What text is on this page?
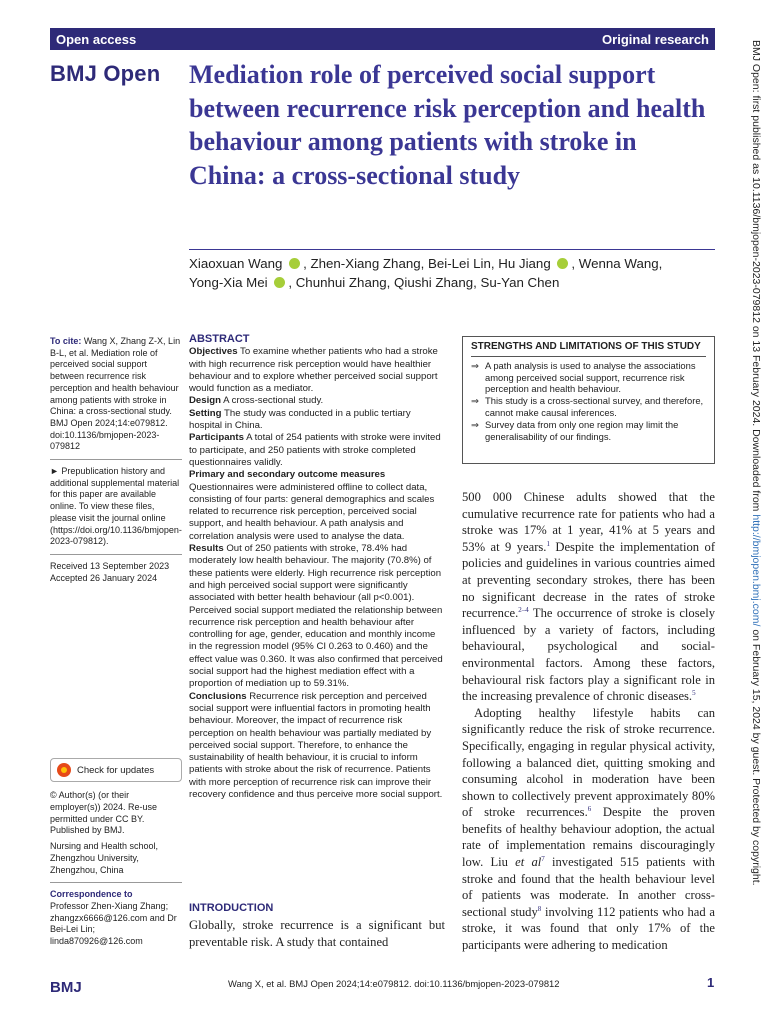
Open access	Original research
BMJ Open Mediation role of perceived social support between recurrence risk perception and health behaviour among patients with stroke in China: a cross-sectional study
Xiaoxuan Wang , Zhen-Xiang Zhang, Bei-Lei Lin, Hu Jiang , Wenna Wang,
Yong-Xia Mei , Chunhui Zhang, Qiushi Zhang, Su-Yan Chen
To cite: Wang X, Zhang Z-X, Lin B-L, et al. Mediation role of perceived social support between recurrence risk perception and health behaviour among patients with stroke in China: a cross-sectional study. BMJ Open 2024;14:e079812. doi:10.1136/bmjopen-2023-079812
► Prepublication history and additional supplemental material for this paper are available online. To view these files, please visit the journal online (https://doi.org/10.1136/bmjopen-2023-079812).
Received 13 September 2023
Accepted 26 January 2024
Check for updates
© Author(s) (or their employer(s)) 2024. Re-use permitted under CC BY. Published by BMJ.
Nursing and Health school, Zhengzhou University, Zhengzhou, China
Correspondence to
Professor Zhen-Xiang Zhang; zhangzx6666@126.com and Dr Bei-Lei Lin; linda870926@126.com
ABSTRACT

Objectives To examine whether patients who had a stroke with high recurrence risk perception would have healthier behaviour and to explore whether perceived social support would function as a mediator.

Design A cross-sectional study.

Setting The study was conducted in a public tertiary hospital in China.

Participants A total of 254 patients with stroke were invited to participate, and 250 patients with stroke completed questionnaires validly.

Primary and secondary outcome measures Questionnaires were administered offline to collect data, consisting of four parts: general demographics and scales related to recurrence risk perception, perceived social support, and health behaviour. A path analysis and correlation analysis were used to analyse the data.

Results Out of 250 patients with stroke, 78.4% had moderately low health behaviour. The majority (70.8%) of these patients were elderly. High recurrence risk perception and high perceived social support were significantly associated with better health behaviour (all p<0.001). Perceived social support mediated the relationship between recurrence risk perception and health behaviour after controlling for age, gender, education and monthly income in the regression model (95% CI 0.263 to 0.460) and the effect value was 0.360. It was also confirmed that perceived social support had the highest mediation effect with a proportion of mediation up to 59.31%.

Conclusions Recurrence risk perception and perceived social support were influential factors in promoting health behaviour. Moreover, the impact of recurrence risk perception on health behaviour was partially mediated by perceived social support. Therefore, to enhance the sustainability of health behaviour, it is crucial to inform patients with stroke about the risk of recurrence. Patients with more perception of recurrence risk can improve their recovery confidence and thus perceive more social support.

STRENGTHS AND LIMITATIONS OF THIS STUDY
⇒ A path analysis is used to analyse the associations among perceived social support, recurrence risk perception and health behaviour.
⇒ This study is a cross-sectional survey, and therefore, cannot make causal inferences.
⇒ Survey data from only one region may limit the generalisability of our findings.
INTRODUCTION
Globally, stroke recurrence is a significant but preventable risk. A study that contained

500 000 Chinese adults showed that the cumulative recurrence rate for patients who had a stroke was 17% at 1 year, 41% at 5 years and 53% at 9 years.$^1$ Despite the implementation of policies and guidelines in various countries aimed at preventing secondary strokes, there has been no significant decrease in the rates of stroke recurrence.$^{2-4}$ The occurrence of stroke is closely influenced by a variety of factors, including behavioural, psychological and social-environmental factors. Among these factors, behavioural risk factors play a significant role in the increasing prevalence of chronic diseases.$^5$

Adopting healthy lifestyle habits can significantly reduce the risk of stroke recurrence. Specifically, engaging in regular physical activity, following a balanced diet, quitting smoking and consuming alcohol in moderation have been shown to collectively prevent approximately 80% of stroke recurrences.$^6$ Despite the proven benefits of healthy behaviour adoption, the actual rate of implementation remains discouragingly low. Liu et $al^7$ investigated 515 patients with stroke and found that the health behaviour level of patients was moderate. In another cross-sectional study$^8$ involving 112 patients who had a stroke, it was found that only 17% of the participants were adhering to medication

BMJ	Wang X, et al. BMJ Open 2024;14:e079812. doi:10.1136/bmjopen-2023-079812	1
BMJ Open: first published as 10.1136/bmjopen-2023-079812 on 13 February 2024. Downloaded from http://bmjopen.bmj.com/ on February 15, 2024 by guest. Protected by copyright.
